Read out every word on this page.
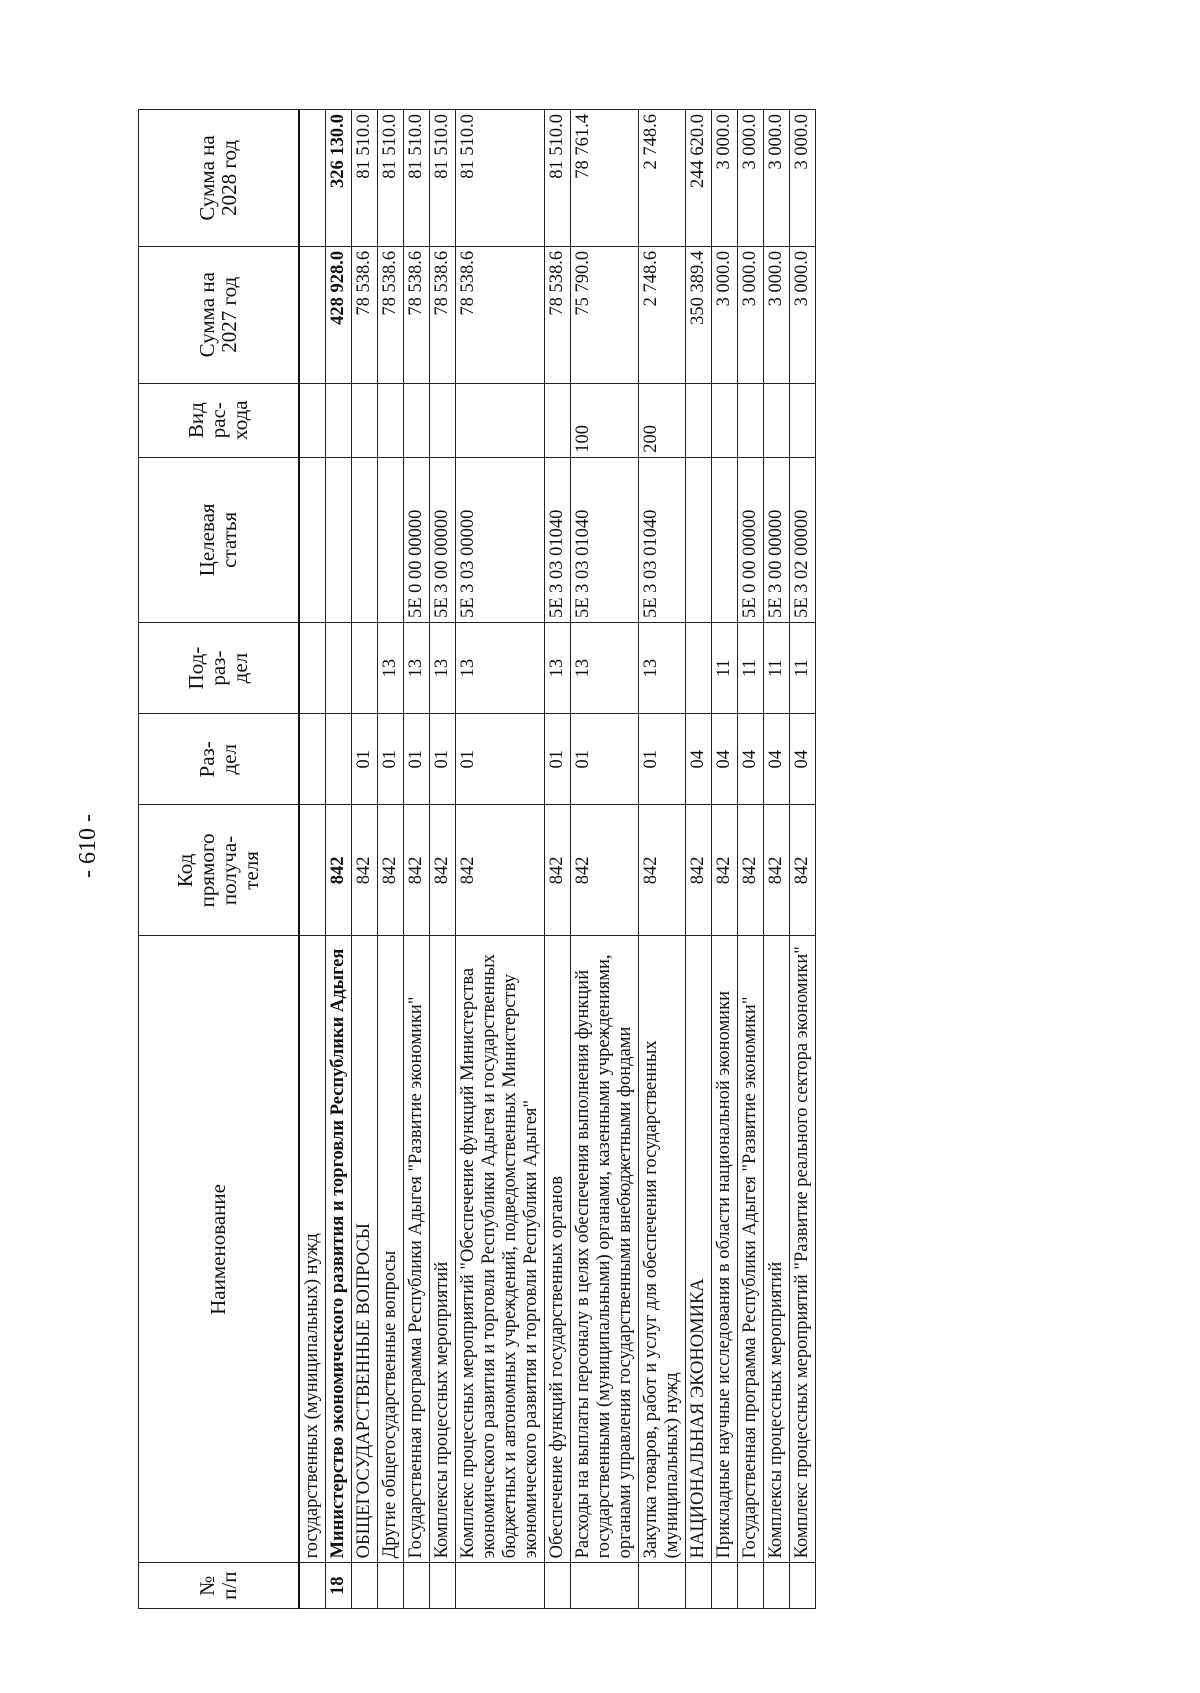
- 610 -
№
п/п	Наименование	Код
прямого
получа-
теля	Раз-
дел	Под-
раз-
дел	Целевая
статья	Вид
рас-
хода	Сумма на
2027 год	Сумма на
2028 год
	государственных (муниципальных) нужд							
18	Министерство экономического развития и торговли Республики Адыгея	842					428 928.0	326 130.0
	ОБЩЕГОСУДАРСТВЕННЫЕ ВОПРОСЫ	842	01				78 538.6	81 510.0
	Другие общегосударственные вопросы	842	01	13			78 538.6	81 510.0
	Государственная программа Республики Адыгея "Развитие экономики"	842	01	13	5Е 0 00 00000		78 538.6	81 510.0
	Комплексы процессных мероприятий	842	01	13	5Е 3 00 00000		78 538.6	81 510.0
	Комплекс процессных мероприятий "Обеспечение функций Министерства экономического развития и торговли Республики Адыгея и государственных бюджетных и автономных учреждений, подведомственных Министерству экономического развития и торговли Республики Адыгея"	842	01	13	5Е 3 03 00000		78 538.6	81 510.0
	Обеспечение функций государственных органов	842	01	13	5Е 3 03 01040		78 538.6	81 510.0
	Расходы на выплаты персоналу в целях обеспечения выполнения функций государственными (муниципальными) органами, казенными учреждениями, органами управления государственными внебюджетными фондами	842	01	13	5Е 3 03 01040	100	75 790.0	78 761.4
	Закупка товаров, работ и услуг для обеспечения государственных (муниципальных) нужд	842	01	13	5Е 3 03 01040	200	2 748.6	2 748.6
	НАЦИОНАЛЬНАЯ ЭКОНОМИКА	842	04				350 389.4	244 620.0
	Прикладные научные исследования в области национальной экономики	842	04	11			3 000.0	3 000.0
	Государственная программа Республики Адыгея "Развитие экономики"	842	04	11	5Е 0 00 00000		3 000.0	3 000.0
	Комплексы процессных мероприятий	842	04	11	5Е 3 00 00000		3 000.0	3 000.0
	Комплекс процессных мероприятий "Развитие реального сектора экономики"	842	04	11	5Е 3 02 00000		3 000.0	3 000.0
